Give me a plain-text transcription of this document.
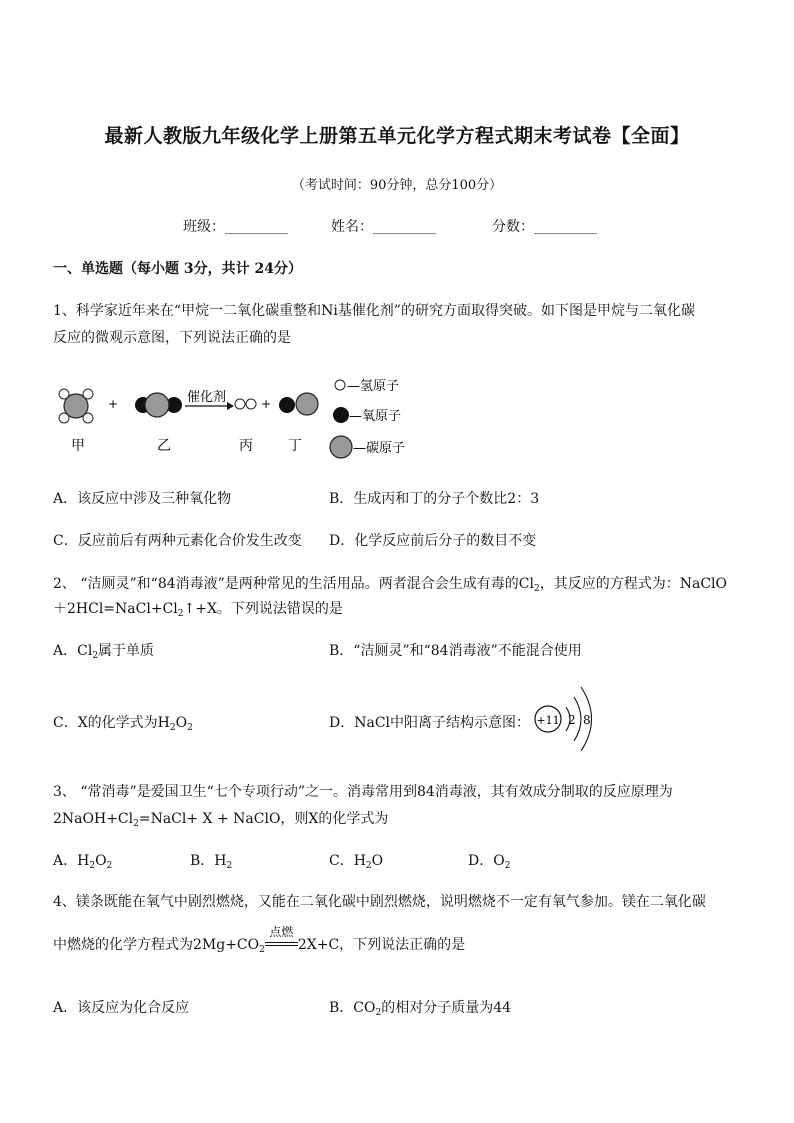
最新人教版九年级化学上册第五单元化学方程式期末考试卷【全面】
（考试时间：90分钟，总分100分）
班级：_________	姓名：_________	分数：_________
一、单选题（每小题 3分，共计 24分）
1、科学家近年来在“甲烷一二氧化碳重整和Ni基催化剂”的研究方面取得突破。如下图是甲烷与二氧化碳
反应的微观示意图，下列说法正确的是
+	催化剂	+
—氢原子
—氧原子
—碳原子
甲	乙	丙	丁
A．该反应中涉及三种氧化物	B．生成丙和丁的分子个数比2：3
C．反应前后有两种元素化合价发生改变 D．化学反应前后分子的数目不变
2、 “洁厕灵”和“84消毒液”是两种常见的生活用品。两者混合会生成有毒的$Cl_2$，其反应的方程式为：NaClO
$+2HCl=NaCl+Cl_2↑+X$。下列说法错误的是
A．$Cl_2$属于单质	B．“洁厕灵”和“84消毒液”不能混合使用
C．X的化学式为$H_2O_2$	D．NaCl中阳离子结构示意图： +11 2 8
3、 “常消毒”是爱国卫生“七个专项行动”之一。消毒常用到84消毒液，其有效成分制取的反应原理为
$2NaOH+Cl_2=NaCl+ X$ + NaClO，则X的化学式为
A．$H_2O_2$	B．$H_2$	C．$H_2O$	D．$O_2$
4、镁条既能在氧气中剧烈燃烧，又能在二氧化碳中剧烈燃烧，说明燃烧不一定有氧气参加。镁在二氧化碳
中燃烧的化学方程式为$2Mg+CO_2$
点燃
2X+C，下列说法正确的是
A．该反应为化合反应	B．$CO_2$的相对分子质量为44
